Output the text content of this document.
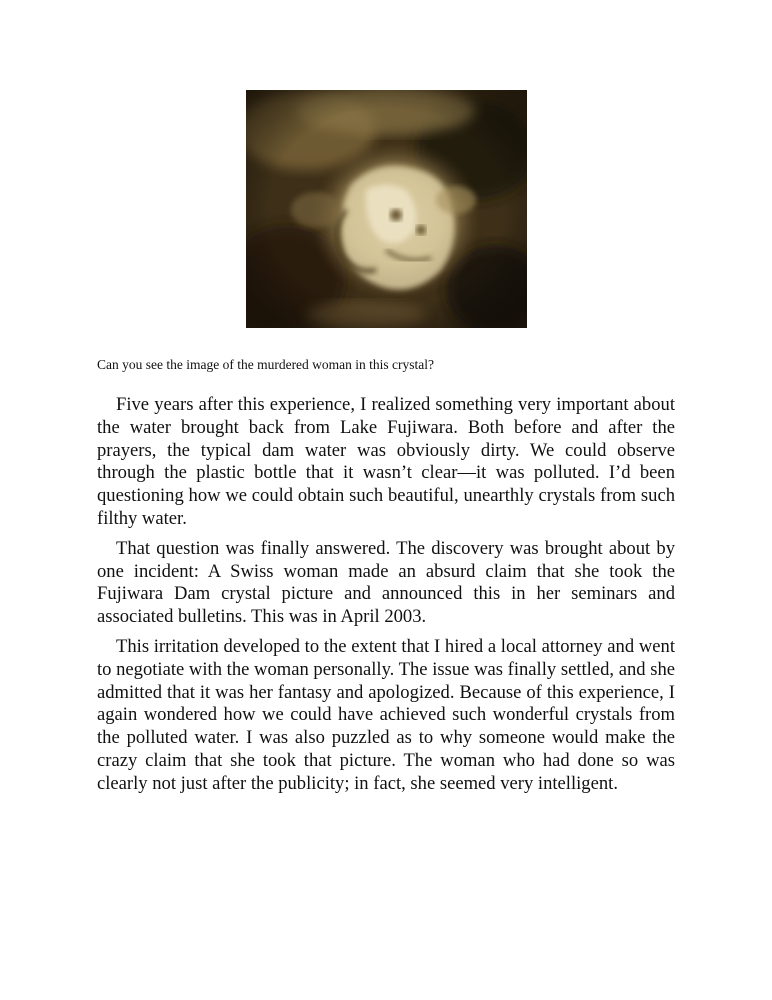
Can you see the image of the murdered woman in this crystal?

Five years after this experience, I realized something very important about the water brought back from Lake Fujiwara. Both before and after the prayers, the typical dam water was obviously dirty. We could observe through the plastic bottle that it wasn’t clear—it was polluted. I’d been questioning how we could obtain such beautiful, unearthly crystals from such filthy water.

That question was finally answered. The discovery was brought about by one incident: A Swiss woman made an absurd claim that she took the Fujiwara Dam crystal picture and announced this in her seminars and associated bulletins. This was in April 2003.

This irritation developed to the extent that I hired a local attorney and went to negotiate with the woman personally. The issue was finally settled, and she admitted that it was her fantasy and apologized. Because of this experience, I again wondered how we could have achieved such wonderful crystals from the polluted water. I was also puzzled as to why someone would make the crazy claim that she took that picture. The woman who had done so was clearly not just after the publicity; in fact, she seemed very intelligent.
